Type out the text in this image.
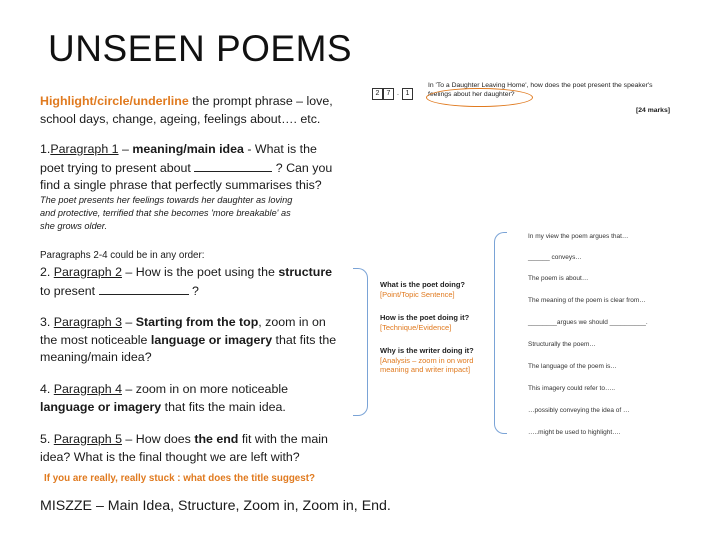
UNSEEN POEMS
Highlight/circle/underline the prompt phrase – love,
school days, change, ageing, feelings about…. etc.
1.Paragraph 1 – meaning/main idea - What is the
poet trying to present about	? Can you
find a single phrase that perfectly summarises this?
The poet presents her feelings towards her daughter as loving
and protective, terrified that she becomes 'more breakable' as
she grows older.
Paragraphs 2-4 could be in any order:
2. Paragraph 2 – How is the poet using the structure
to present	?
3. Paragraph 3 – Starting from the top, zoom in on
the most noticeable language or imagery that fits the
meaning/main idea?
4. Paragraph 4 – zoom in on more noticeable
language or imagery that fits the main idea.
5. Paragraph 5 – How does the end fit with the main
idea? What is the final thought we are left with?
If you are really, really stuck : what does the title suggest?
MISZZE – Main Idea, Structure, Zoom in, Zoom in, End.
2 7 . 1
In 'To a Daughter Leaving Home', how does the poet present the speaker's
feelings about her daughter?
[24 marks]
What is the poet doing?
[Point/Topic Sentence]
How is the poet doing it?
[Technique/Evidence]
Why is the writer doing it?
[Analysis – zoom in on word meaning and writer impact]
In my view the poem argues that…
______ conveys…
The poem is about…
The meaning of the poem is clear from…
________argues we should __________.
Structurally the poem…
The language of the poem is…
This imagery could refer to…..
…possibly conveying the idea of …
…..might be used to highlight….
